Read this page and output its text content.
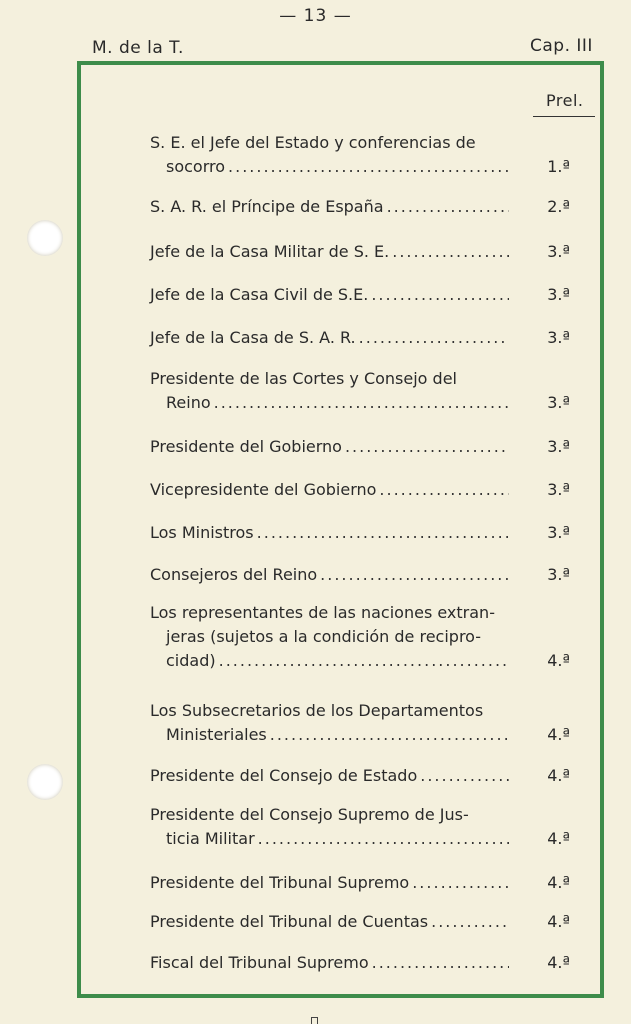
— 13 —
M. de la T.	Cap. III
Prel.
S. E. el Jefe del Estado y conferencias de
socorro .....	1.ª
S. A. R. el Príncipe de España .....	2.ª
Jefe de la Casa Militar de S. E. .....	3.ª
Jefe de la Casa Civil de S.E. .....	3.ª
Jefe de la Casa de S. A. R. .....	3.ª
Presidente de las Cortes y Consejo del
Reino .....	3.ª
Presidente del Gobierno .....	3.ª
Vicepresidente del Gobierno .....	3.ª
Los Ministros .....	3.ª
Consejeros del Reino .....	3.ª
Los representantes de las naciones extran-
jeras (sujetos a la condición de recipro-
cidad) .....	4.ª
Los Subsecretarios de los Departamentos
Ministeriales .....	4.ª
Presidente del Consejo de Estado .....	4.ª
Presidente del Consejo Supremo de Jus-
ticia Militar .....	4.ª
Presidente del Tribunal Supremo .....	4.ª
Presidente del Tribunal de Cuentas .....	4.ª
Fiscal del Tribunal Supremo .....	4.ª
